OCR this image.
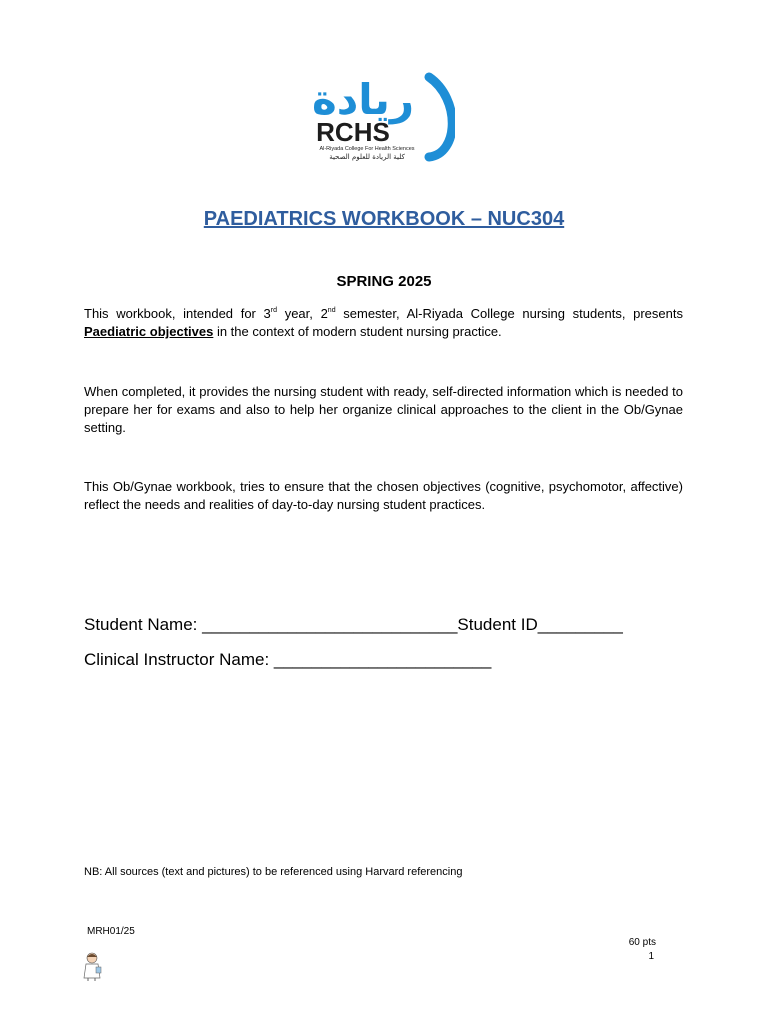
ريادة
RCHS
Al-Riyada College For Health Sciences
كلية الريادة للعلوم الصحية
PAEDIATRICS WORKBOOK – NUC304
SPRING 2025

This workbook, intended for 3rd year, 2nd semester, Al-Riyada College nursing students, presents Paediatric objectives in the context of modern student nursing practice.

When completed, it provides the nursing student with ready, self-directed information which is needed to prepare her for exams and also to help her organize clinical approaches to the client in the Ob/Gynae setting.

This Ob/Gynae workbook, tries to ensure that the chosen objectives (cognitive, psychomotor, affective) reflect the needs and realities of day-to-day nursing student practices.

Student Name: ___________________________Student ID_________
Clinical Instructor Name: _______________________
NB: All sources (text and pictures) to be referenced using Harvard referencing
MRH01/25
60 pts
1
